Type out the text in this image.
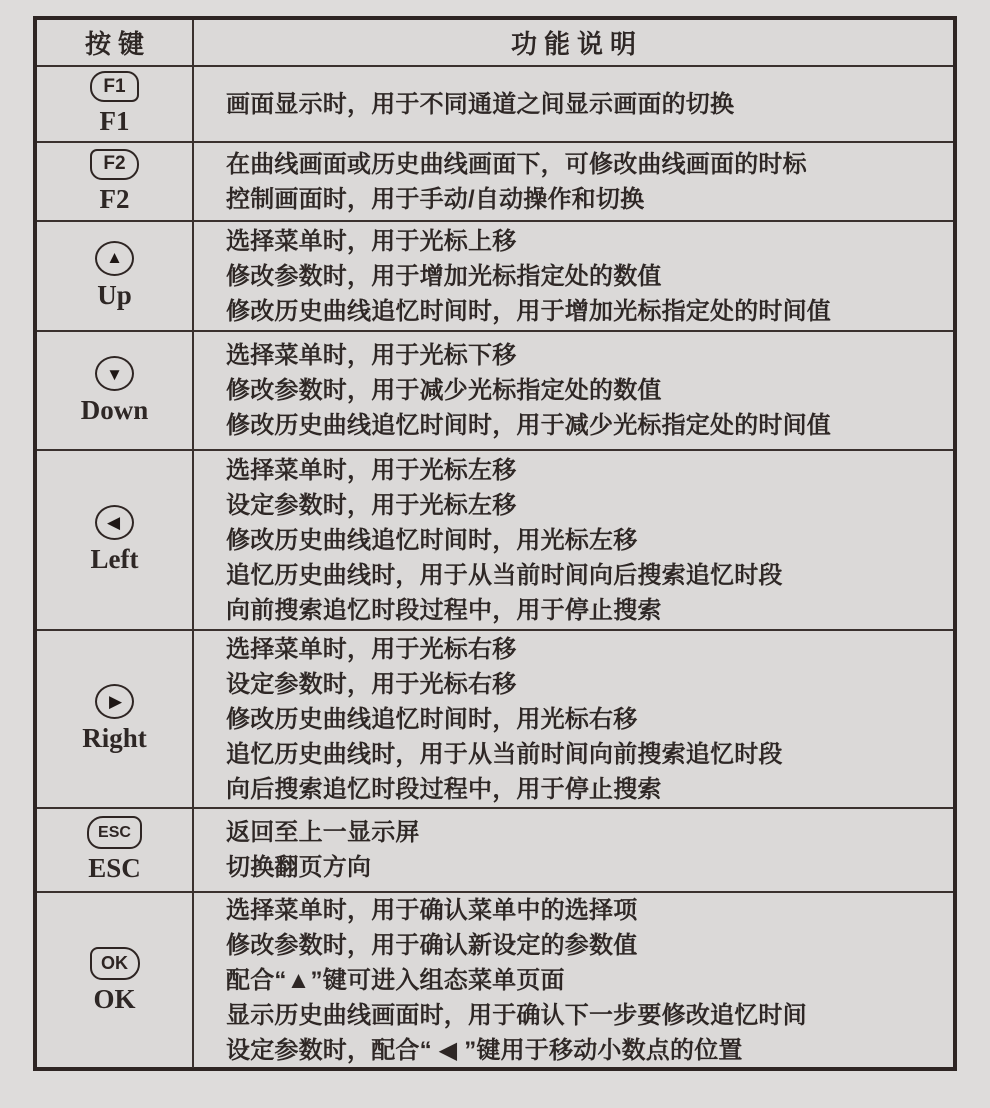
按键	功能说明
F1
F1
画面显示时，用于不同通道之间显示画面的切换
F2
F2
在曲线画面或历史曲线画面下，可修改曲线画面的时标
控制画面时，用于手动/自动操作和切换
▲
Up
选择菜单时，用于光标上移
修改参数时，用于增加光标指定处的数值
修改历史曲线追忆时间时，用于增加光标指定处的时间值
▼
Down
选择菜单时，用于光标下移
修改参数时，用于减少光标指定处的数值
修改历史曲线追忆时间时，用于减少光标指定处的时间值
◀
Left
选择菜单时，用于光标左移
设定参数时，用于光标左移
修改历史曲线追忆时间时，用光标左移
追忆历史曲线时，用于从当前时间向后搜索追忆时段
向前搜索追忆时段过程中，用于停止搜索
▶
Right
选择菜单时，用于光标右移
设定参数时，用于光标右移
修改历史曲线追忆时间时，用光标右移
追忆历史曲线时，用于从当前时间向前搜索追忆时段
向后搜索追忆时段过程中，用于停止搜索
ESC
ESC
返回至上一显示屏
切换翻页方向
OK
OK
选择菜单时，用于确认菜单中的选择项
修改参数时，用于确认新设定的参数值
配合“▲”键可进入组态菜单页面
显示历史曲线画面时，用于确认下一步要修改追忆时间
设定参数时，配合“ ◀ ”键用于移动小数点的位置
